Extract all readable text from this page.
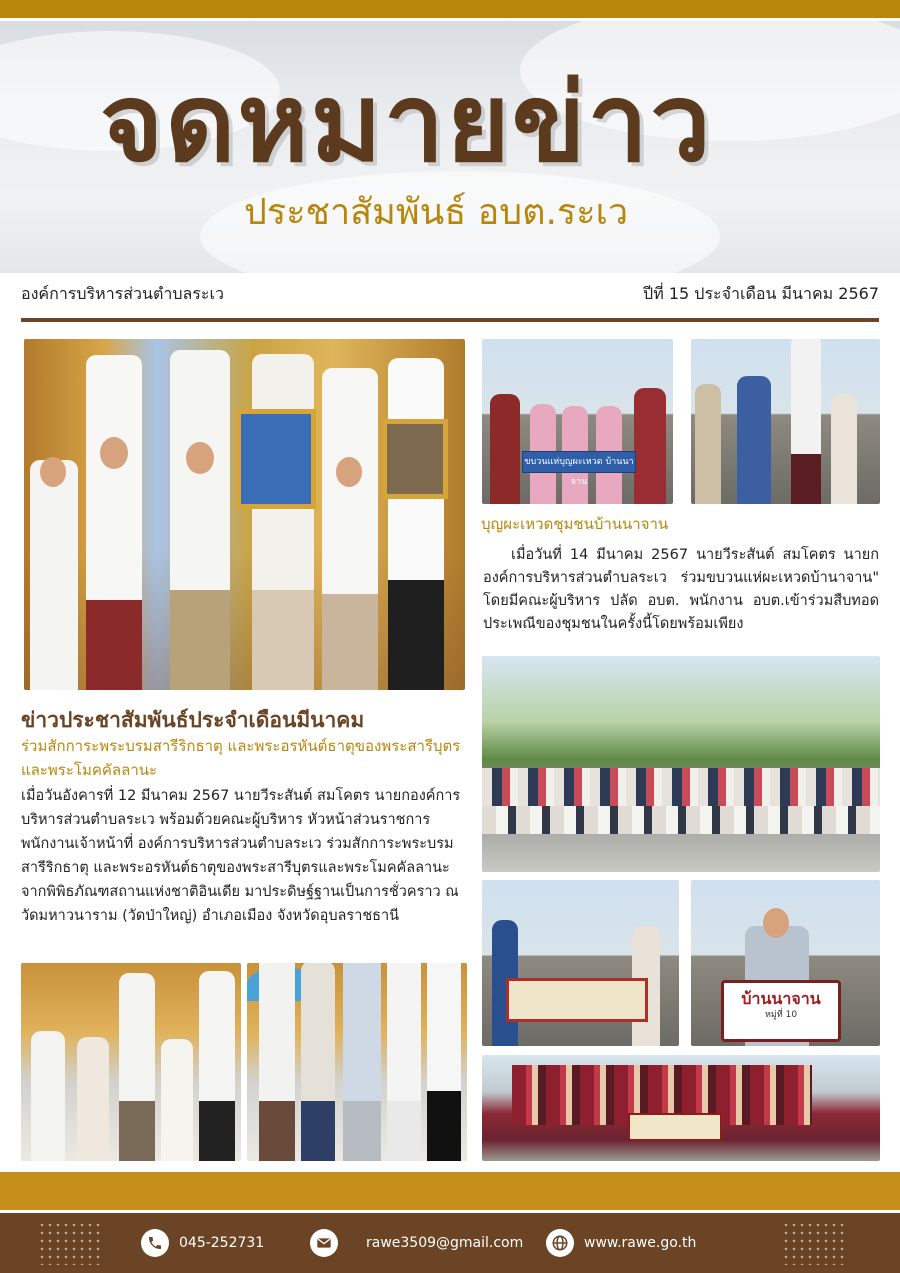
จดหมายข่าว
ประชาสัมพันธ์ อบต.ระเว
องค์การบริหารส่วนตำบลระเว	ปีที่ 15 ประจำเดือน มีนาคม 2567
ขบวนแห่บุญผะเหวด บ้านนาจาน
บุญผะเหวดชุมชนบ้านนาจาน
เมื่อวันที่ 14 มีนาคม 2567 นายวีระสันต์ สมโคตร นายกองค์การบริหารส่วนตำบลระเว ร่วมขบวนแห่ผะเหวดบ้านาจาน" โดยมีคณะผู้บริหาร ปลัด อบต. พนักงาน อบต.เข้าร่วมสืบทอดประเพณีของชุมชนในครั้งนี้โดยพร้อมเพียง
บ้านนาจาน
หมู่ที่ 10
ข่าวประชาสัมพันธ์ประจำเดือนมีนาคม
ร่วมสักการะพระบรมสารีริกธาตุ และพระอรหันต์ธาตุของพระสารีบุตรและพระโมคคัลลานะ
เมื่อวันอังคารที่ 12 มีนาคม 2567 นายวีระสันต์ สมโคตร นายกองค์การบริหารส่วนตำบลระเว พร้อมด้วยคณะผู้บริหาร หัวหน้าส่วนราชการ พนักงานเจ้าหน้าที่ องค์การบริหารส่วนตำบลระเว ร่วมสักการะพระบรมสารีริกธาตุ และพระอรหันต์ธาตุของพระสารีบุตรและพระโมคคัลลานะจากพิพิธภัณฑสถานแห่งชาติอินเดีย มาประดิษฐ์ฐานเป็นการชั่วคราว ณ วัดมหาวนาราม (วัดป่าใหญ่) อำเภอเมือง จังหวัดอุบลราชธานี
045-252731	rawe3509@gmail.com	www.rawe.go.th
